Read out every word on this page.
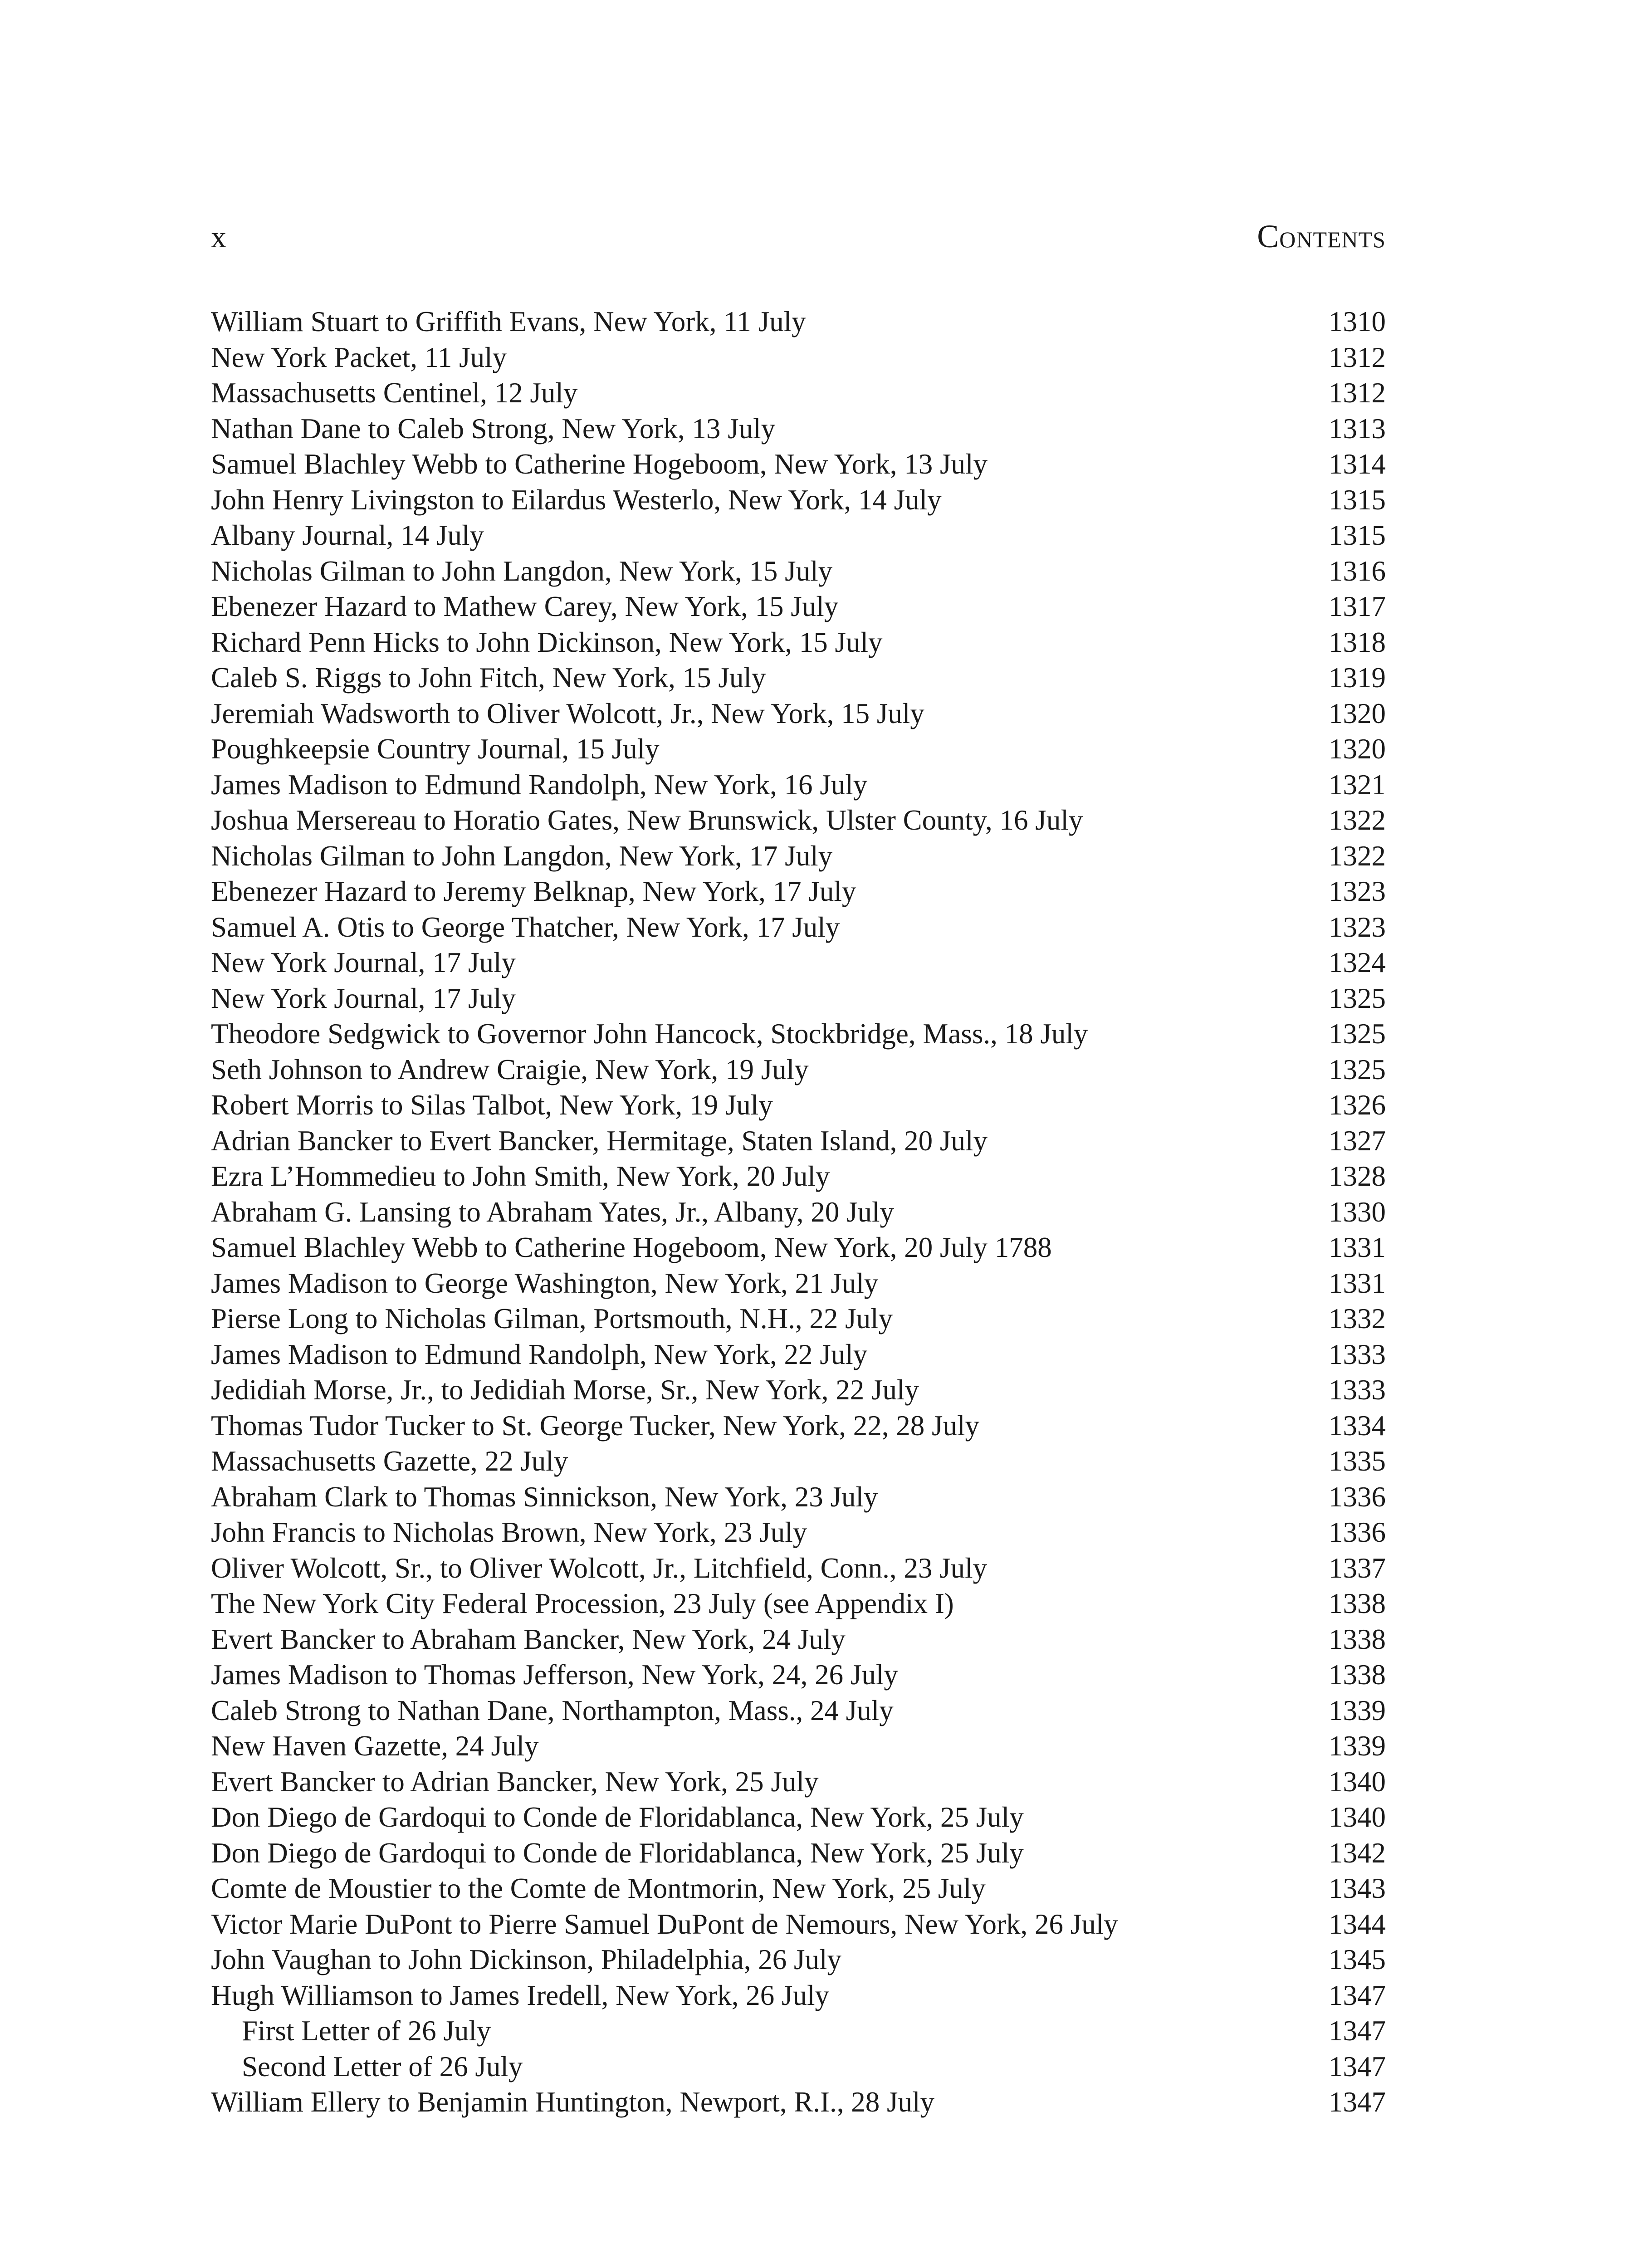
x	Contents
William Stuart to Griffith Evans, New York, 11 July	1310
New York Packet, 11 July	1312
Massachusetts Centinel, 12 July	1312
Nathan Dane to Caleb Strong, New York, 13 July	1313
Samuel Blachley Webb to Catherine Hogeboom, New York, 13 July	1314
John Henry Livingston to Eilardus Westerlo, New York, 14 July	1315
Albany Journal, 14 July	1315
Nicholas Gilman to John Langdon, New York, 15 July	1316
Ebenezer Hazard to Mathew Carey, New York, 15 July	1317
Richard Penn Hicks to John Dickinson, New York, 15 July	1318
Caleb S. Riggs to John Fitch, New York, 15 July	1319
Jeremiah Wadsworth to Oliver Wolcott, Jr., New York, 15 July	1320
Poughkeepsie Country Journal, 15 July	1320
James Madison to Edmund Randolph, New York, 16 July	1321
Joshua Mersereau to Horatio Gates, New Brunswick, Ulster County, 16 July	1322
Nicholas Gilman to John Langdon, New York, 17 July	1322
Ebenezer Hazard to Jeremy Belknap, New York, 17 July	1323
Samuel A. Otis to George Thatcher, New York, 17 July	1323
New York Journal, 17 July	1324
New York Journal, 17 July	1325
Theodore Sedgwick to Governor John Hancock, Stockbridge, Mass., 18 July	1325
Seth Johnson to Andrew Craigie, New York, 19 July	1325
Robert Morris to Silas Talbot, New York, 19 July	1326
Adrian Bancker to Evert Bancker, Hermitage, Staten Island, 20 July	1327
Ezra L’Hommedieu to John Smith, New York, 20 July	1328
Abraham G. Lansing to Abraham Yates, Jr., Albany, 20 July	1330
Samuel Blachley Webb to Catherine Hogeboom, New York, 20 July 1788	1331
James Madison to George Washington, New York, 21 July	1331
Pierse Long to Nicholas Gilman, Portsmouth, N.H., 22 July	1332
James Madison to Edmund Randolph, New York, 22 July	1333
Jedidiah Morse, Jr., to Jedidiah Morse, Sr., New York, 22 July	1333
Thomas Tudor Tucker to St. George Tucker, New York, 22, 28 July	1334
Massachusetts Gazette, 22 July	1335
Abraham Clark to Thomas Sinnickson, New York, 23 July	1336
John Francis to Nicholas Brown, New York, 23 July	1336
Oliver Wolcott, Sr., to Oliver Wolcott, Jr., Litchfield, Conn., 23 July	1337
The New York City Federal Procession, 23 July (see Appendix I)	1338
Evert Bancker to Abraham Bancker, New York, 24 July	1338
James Madison to Thomas Jefferson, New York, 24, 26 July	1338
Caleb Strong to Nathan Dane, Northampton, Mass., 24 July	1339
New Haven Gazette, 24 July	1339
Evert Bancker to Adrian Bancker, New York, 25 July	1340
Don Diego de Gardoqui to Conde de Floridablanca, New York, 25 July	1340
Don Diego de Gardoqui to Conde de Floridablanca, New York, 25 July	1342
Comte de Moustier to the Comte de Montmorin, New York, 25 July	1343
Victor Marie DuPont to Pierre Samuel DuPont de Nemours, New York, 26 July	1344
John Vaughan to John Dickinson, Philadelphia, 26 July	1345
Hugh Williamson to James Iredell, New York, 26 July	1347
First Letter of 26 July	1347
Second Letter of 26 July	1347
William Ellery to Benjamin Huntington, Newport, R.I., 28 July	1347
